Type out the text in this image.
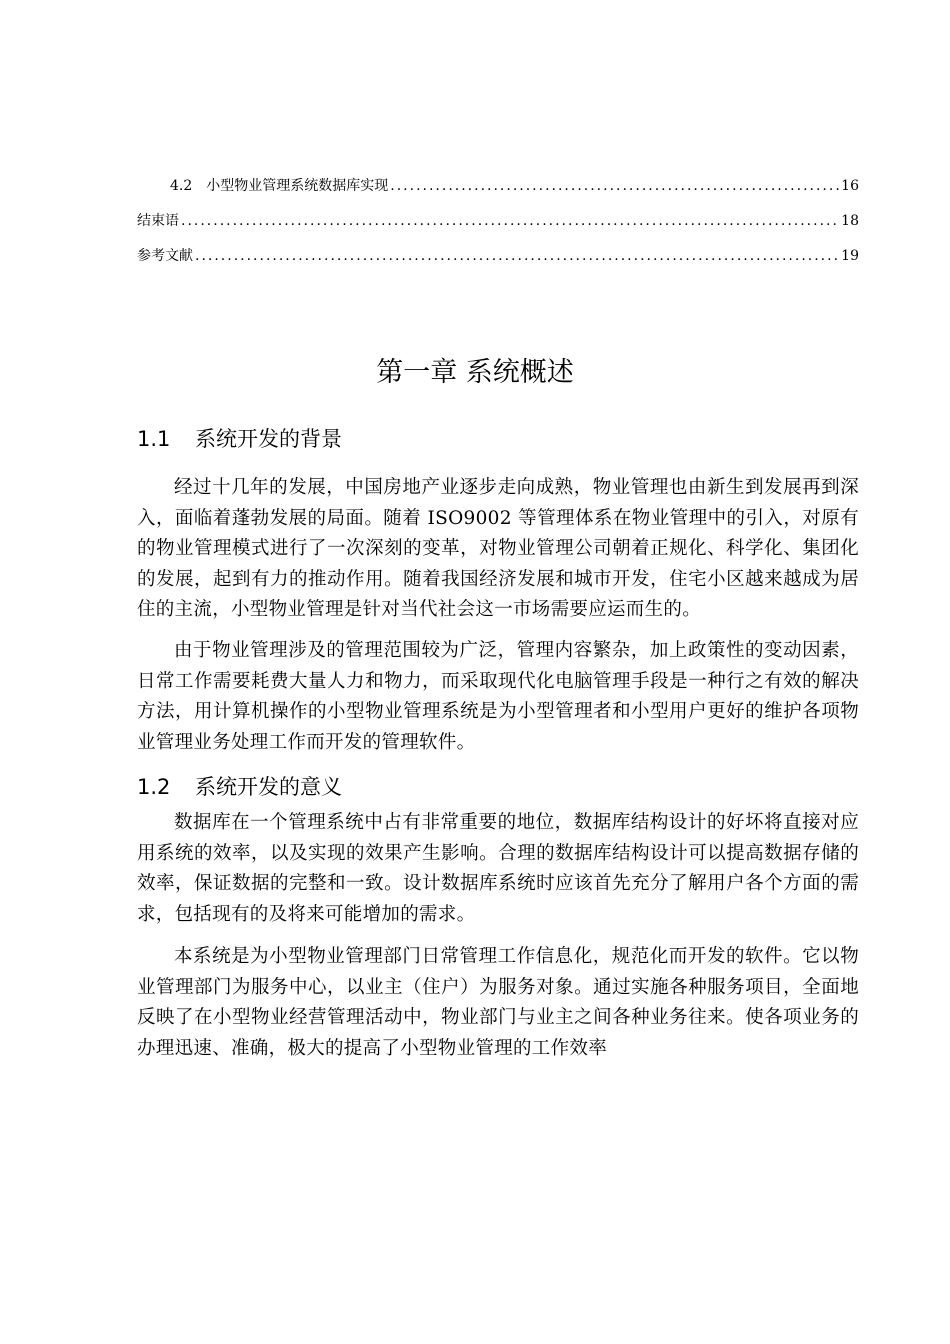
4.2　小型物业管理系统数据库实现 .....	16
结束语 .....	18
参考文献 .....	19
第一章 系统概述
1.1 系统开发的背景

经过十几年的发展，中国房地产业逐步走向成熟，物业管理也由新生到发展再到深入，面临着蓬勃发展的局面。随着 ISO9002 等管理体系在物业管理中的引入，对原有的物业管理模式进行了一次深刻的变革，对物业管理公司朝着正规化、科学化、集团化的发展，起到有力的推动作用。随着我国经济发展和城市开发，住宅小区越来越成为居住的主流，小型物业管理是针对当代社会这一市场需要应运而生的。

由于物业管理涉及的管理范围较为广泛，管理内容繁杂，加上政策性的变动因素，日常工作需要耗费大量人力和物力，而采取现代化电脑管理手段是一种行之有效的解决方法，用计算机操作的小型物业管理系统是为小型管理者和小型用户更好的维护各项物业管理业务处理工作而开发的管理软件。

1.2 系统开发的意义

数据库在一个管理系统中占有非常重要的地位，数据库结构设计的好坏将直接对应用系统的效率，以及实现的效果产生影响。合理的数据库结构设计可以提高数据存储的效率，保证数据的完整和一致。设计数据库系统时应该首先充分了解用户各个方面的需求，包括现有的及将来可能增加的需求。

本系统是为小型物业管理部门日常管理工作信息化，规范化而开发的软件。它以物业管理部门为服务中心，以业主（住户）为服务对象。通过实施各种服务项目，全面地反映了在小型物业经营管理活动中，物业部门与业主之间各种业务往来。使各项业务的办理迅速、准确，极大的提高了小型物业管理的工作效率
